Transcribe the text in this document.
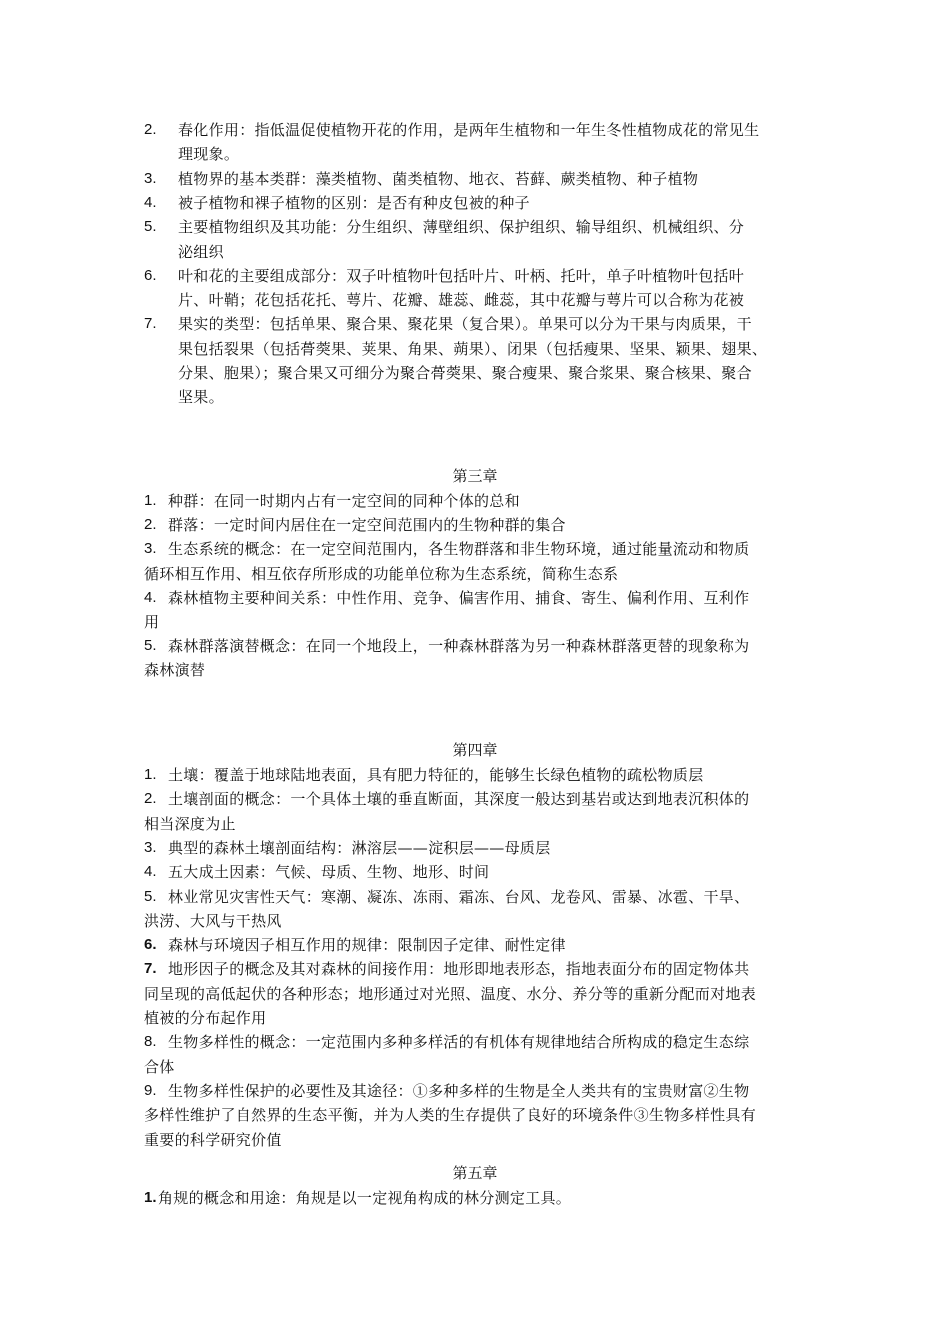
2. 春化作用：指低温促使植物开花的作用，是两年生植物和一年生冬性植物成花的常见生
理现象。
3. 植物界的基本类群：藻类植物、菌类植物、地衣、苔藓、蕨类植物、种子植物
4. 被子植物和裸子植物的区别：是否有种皮包被的种子
5. 主要植物组织及其功能：分生组织、薄壁组织、保护组织、输导组织、机械组织、分
泌组织
6. 叶和花的主要组成部分：双子叶植物叶包括叶片、叶柄、托叶，单子叶植物叶包括叶
片、叶鞘；花包括花托、萼片、花瓣、雄蕊、雌蕊，其中花瓣与萼片可以合称为花被
7. 果实的类型：包括单果、聚合果、聚花果（复合果）。单果可以分为干果与肉质果，干
果包括裂果（包括蓇葖果、荚果、角果、蒴果）、闭果（包括瘦果、坚果、颖果、翅果、
分果、胞果）；聚合果又可细分为聚合蓇葖果、聚合瘦果、聚合浆果、聚合核果、聚合
坚果。
第三章
1. 种群：在同一时期内占有一定空间的同种个体的总和
2. 群落：一定时间内居住在一定空间范围内的生物种群的集合
3. 生态系统的概念：在一定空间范围内，各生物群落和非生物环境，通过能量流动和物质
循环相互作用、相互依存所形成的功能单位称为生态系统，简称生态系
4. 森林植物主要种间关系：中性作用、竞争、偏害作用、捕食、寄生、偏利作用、互利作
用
5. 森林群落演替概念：在同一个地段上，一种森林群落为另一种森林群落更替的现象称为
森林演替
第四章
1. 土壤：覆盖于地球陆地表面，具有肥力特征的，能够生长绿色植物的疏松物质层
2. 土壤剖面的概念：一个具体土壤的垂直断面，其深度一般达到基岩或达到地表沉积体的
相当深度为止
3. 典型的森林土壤剖面结构：淋溶层——淀积层——母质层
4. 五大成土因素：气候、母质、生物、地形、时间
5. 林业常见灾害性天气：寒潮、凝冻、冻雨、霜冻、台风、龙卷风、雷暴、冰雹、干旱、
洪涝、大风与干热风
6. 森林与环境因子相互作用的规律：限制因子定律、耐性定律
7. 地形因子的概念及其对森林的间接作用：地形即地表形态，指地表面分布的固定物体共
同呈现的高低起伏的各种形态；地形通过对光照、温度、水分、养分等的重新分配而对地表
植被的分布起作用
8. 生物多样性的概念：一定范围内多种多样活的有机体有规律地结合所构成的稳定生态综
合体
9. 生物多样性保护的必要性及其途径：①多种多样的生物是全人类共有的宝贵财富②生物
多样性维护了自然界的生态平衡，并为人类的生存提供了良好的环境条件③生物多样性具有
重要的科学研究价值
第五章
1. 角规的概念和用途：角规是以一定视角构成的林分测定工具。
